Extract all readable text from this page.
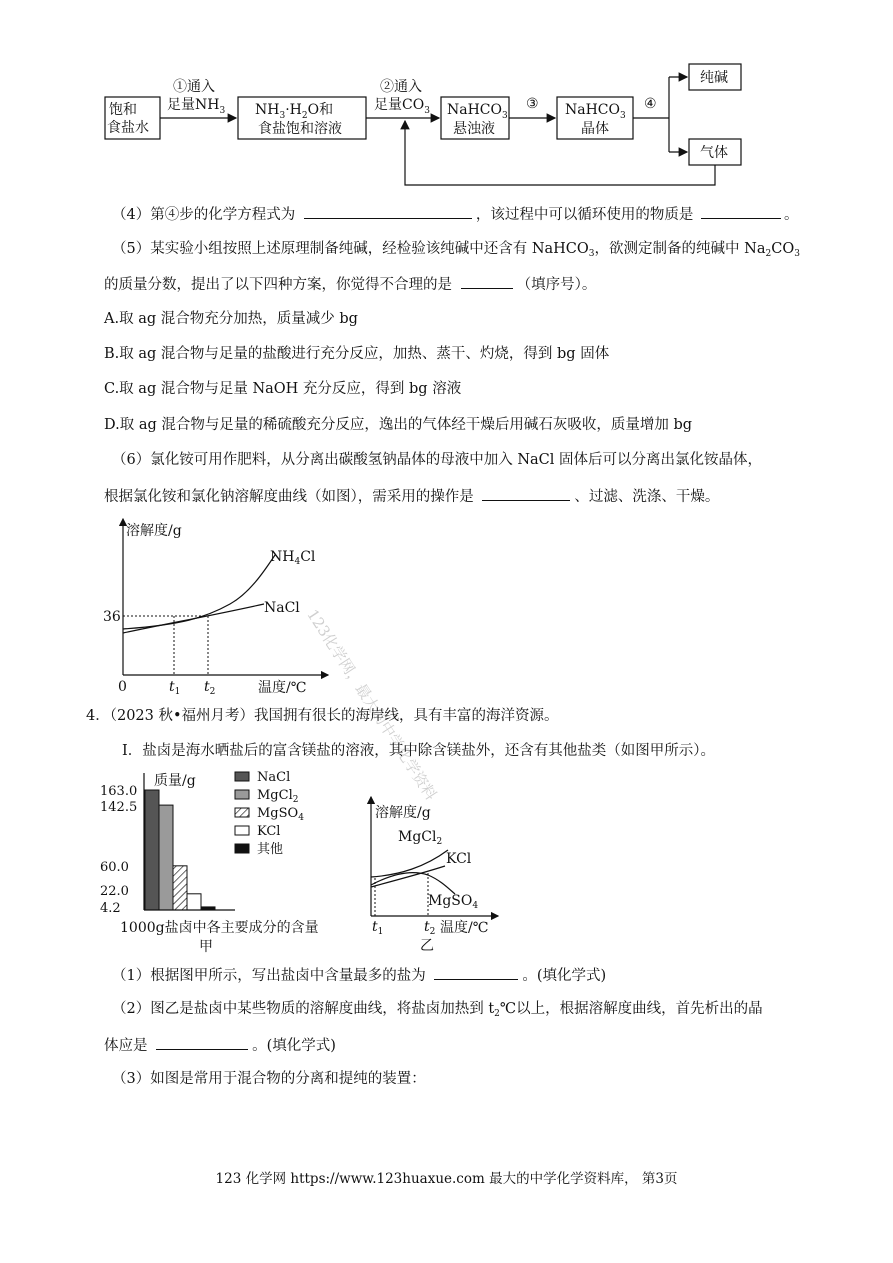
饱和
食盐水
①通入
足量$NH_3$ $NH_3\cdot H_2O$和
食盐饱和溶液
②通入
足量$CO_3$ NaHCO$_3$
悬浊液
③ NaHCO$_3$
晶体
④
纯碱
气体
（4）第④步的化学方程式为	，该过程中可以循环使用的物质是	。
（5）某实验小组按照上述原理制备纯碱，经检验该纯碱中还含有 NaHCO$_3$，欲测定制备的纯碱中 $Na_2CO_3$
的质量分数，提出了以下四种方案，你觉得不合理的是	（填序号）。
A.取 ag 混合物充分加热，质量减少 bg
B.取 ag 混合物与足量的盐酸进行充分反应，加热、蒸干、灼烧，得到 bg 固体
C.取 ag 混合物与足量 NaOH 充分反应，得到 bg 溶液
D.取 ag 混合物与足量的稀硫酸充分反应，逸出的气体经干燥后用碱石灰吸收，质量增加 bg
（6）氯化铵可用作肥料，从分离出碳酸氢钠晶体的母液中加入 NaCl 固体后可以分离出氯化铵晶体，
根据氯化铵和氯化钠溶解度曲线（如图），需采用的操作是	、过滤、洗涤、干燥。
溶解度/g
36
0	$t_1$ $t_2$	温度/℃
$NH_4Cl$
NaCl 123化学网，最大的中学化学资料
4．（2023 秋•福州月考）我国拥有很长的海岸线，具有丰富的海洋资源。
Ⅰ．盐卤是海水晒盐后的富含镁盐的溶液，其中除含镁盐外，还含有其他盐类（如图甲所示）。
163.0
142.5
60.0
22.0
4.2
NaCl
MgCl$_2$
MgSO$_4$
KCl
其他
质量/g
1000g盐卤中各主要成分的含量
甲
溶解度/g
MgCl$_2$
KCl
MgSO$_4$
$t_1$	$t_2$ 温度/℃
乙
（1）根据图甲所示，写出盐卤中含量最多的盐为	。(填化学式)
（2）图乙是盐卤中某些物质的溶解度曲线，将盐卤加热到 $t_2℃$以上，根据溶解度曲线，首先析出的晶
体应是	。(填化学式)
（3）如图是常用于混合物的分离和提纯的装置：
123 化学网 https://www.123huaxue.com 最大的中学化学资料库， 第3页
